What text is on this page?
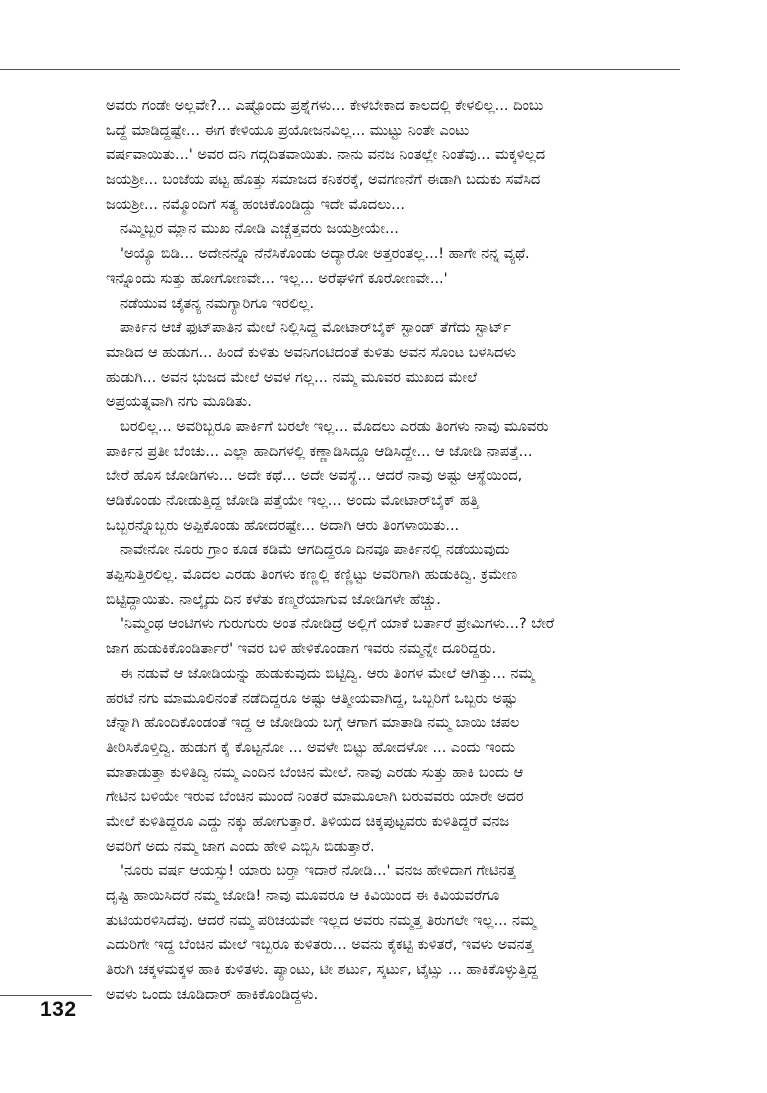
ಅವರು ಗಂಡೇ ಅಲ್ಲವೇ?... ಎಷ್ಟೊಂದು ಪ್ರಶ್ನೆಗಳು... ಕೇಳಬೇಕಾದ ಕಾಲದಲ್ಲಿ ಕೇಳಲಿಲ್ಲ... ದಿಂಬು
ಒದ್ದೆ ಮಾಡಿದ್ದಷ್ಟೇ... ಈಗ ಕೇಳಿಯೂ ಪ್ರಯೋಜನವಿಲ್ಲ... ಮುಟ್ಟು ನಿಂತೇ ಎಂಟು
ವರ್ಷವಾಯಿತು...' ಅವರ ದನಿ ಗದ್ಗದಿತವಾಯಿತು. ನಾನು ವನಜ ನಿಂತಲ್ಲೇ ನಿಂತೆವು... ಮಕ್ಕಳಿಲ್ಲದ
ಜಯಶ್ರೀ... ಬಂಜೆಯ ಪಟ್ಟ ಹೊತ್ತು ಸಮಾಜದ ಕನಿಕರಕ್ಕೆ, ಅವಗಣನೆಗೆ ಈಡಾಗಿ ಬದುಕು ಸವೆಸಿದ
ಜಯಶ್ರೀ... ನಮ್ಮೊಂದಿಗೆ ಸತ್ಯ ಹಂಚಿಕೊಂಡಿದ್ದು ಇದೇ ಮೊದಲು...
ನಮ್ಮಿಬ್ಬರ ಮ್ಲಾನ ಮುಖ ನೋಡಿ ಎಚ್ಚೆತ್ತವರು ಜಯಶ್ರೀಯೇ...
'ಅಯ್ಯೊ ಬಿಡಿ... ಅದೇನನ್ನೊ ನೆನೆಸಿಕೊಂಡು ಅದ್ಯಾರೋ ಅತ್ತರಂತಲ್ಲ...! ಹಾಗೇ ನನ್ನ ವ್ಯಥೆ.
ಇನ್ನೊಂದು ಸುತ್ತು ಹೋಗೋಣವೇ... ಇಲ್ಲ... ಅರೆಘಳಿಗೆ ಕೂರೋಣವೇ...'
ನಡೆಯುವ ಚೈತನ್ಯ ನಮಗ್ಯಾರಿಗೂ ಇರಲಿಲ್ಲ.
ಪಾರ್ಕಿನ ಆಚೆ ಫುಟ್‌ಪಾತಿನ ಮೇಲೆ ನಿಲ್ಲಿಸಿದ್ದ ಮೋಟಾರ್‌ಬೈಕ್ ಸ್ಟಾಂಡ್ ತೆಗೆದು ಸ್ಟಾರ್ಟ್
ಮಾಡಿದ ಆ ಹುಡುಗ... ಹಿಂದೆ ಕುಳಿತು ಅವನಿಗಂಟಿದಂತೆ ಕುಳಿತು ಅವನ ಸೊಂಟ ಬಳಸಿದಳು
ಹುಡುಗಿ... ಅವನ ಭುಜದ ಮೇಲೆ ಅವಳ ಗಲ್ಲ... ನಮ್ಮ ಮೂವರ ಮುಖದ ಮೇಲೆ
ಅಪ್ರಯತ್ನವಾಗಿ ನಗು ಮೂಡಿತು.
ಬರಲಿಲ್ಲ... ಅವರಿಬ್ಬರೂ ಪಾರ್ಕಿಗೆ ಬರಲೇ ಇಲ್ಲ... ಮೊದಲು ಎರಡು ತಿಂಗಳು ನಾವು ಮೂವರು
ಪಾರ್ಕಿನ ಪ್ರತೀ ಬೆಂಚು... ಎಲ್ಲಾ ಹಾದಿಗಳಲ್ಲಿ ಕಣ್ಣಾಡಿಸಿದ್ದೂ ಆಡಿಸಿದ್ದೇ... ಆ ಜೋಡಿ ನಾಪತ್ತೆ...
ಬೇರೆ ಹೊಸ ಜೋಡಿಗಳು... ಅದೇ ಕಥೆ... ಅದೇ ಅವಸ್ಥೆ... ಆದರೆ ನಾವು ಅಷ್ಟು ಆಸ್ಥೆಯಿಂದ,
ಆಡಿಕೊಂಡು ನೋಡುತ್ತಿದ್ದ ಜೋಡಿ ಪತ್ತೆಯೇ ಇಲ್ಲ... ಅಂದು ಮೋಟಾರ್‌ಬೈಕ್ ಹತ್ತಿ
ಒಬ್ಬರನ್ನೊಬ್ಬರು ಅಪ್ಪಿಕೊಂಡು ಹೋದರಷ್ಟೇ... ಅದಾಗಿ ಆರು ತಿಂಗಳಾಯಿತು...
ನಾವೇನೋ ನೂರು ಗ್ರಾಂ ಕೂಡ ಕಡಿಮೆ ಆಗದಿದ್ದರೂ ದಿನವೂ ಪಾರ್ಕಿನಲ್ಲಿ ನಡೆಯುವುದು
ತಪ್ಪಿಸುತ್ತಿರಲಿಲ್ಲ. ಮೊದಲ ಎರಡು ತಿಂಗಳು ಕಣ್ಣಲ್ಲಿ ಕಣ್ಣಿಟ್ಟು ಅವರಿಗಾಗಿ ಹುಡುಕಿದ್ವಿ. ಕ್ರಮೇಣ
ಬಿಟ್ಟಿದ್ದಾಯಿತು. ನಾಲ್ಕೈದು ದಿನ ಕಳೆತು ಕಣ್ಮರೆಯಾಗುವ ಜೋಡಿಗಳೇ ಹೆಚ್ಚು.
'ನಿಮ್ಮಂಥ ಆಂಟಿಗಳು ಗುರುಗುರು ಅಂತ ನೋಡಿದ್ರೆ ಅಲ್ಲಿಗೆ ಯಾಕೆ ಬರ್ತಾರೆ ಪ್ರೇಮಿಗಳು...? ಬೇರೆ
ಜಾಗ ಹುಡುಕಿಕೊಂಡಿರ್ತಾರೆ' ಇವರ ಬಳಿ ಹೇಳಿಕೊಂಡಾಗ ಇವರು ನಮ್ಮನ್ನೇ ದೂರಿದ್ದರು.
ಈ ನಡುವೆ ಆ ಜೋಡಿಯನ್ನು ಹುಡುಕುವುದು ಬಿಟ್ಟಿದ್ವಿ. ಆರು ತಿಂಗಳ ಮೇಲೆ ಆಗಿತ್ತು... ನಮ್ಮ
ಹರಟೆ ನಗು ಮಾಮೂಲಿನಂತೆ ನಡೆದಿದ್ದರೂ ಅಷ್ಟು ಆತ್ಮೀಯವಾಗಿದ್ದ, ಒಬ್ಬರಿಗೆ ಒಬ್ಬರು ಅಷ್ಟು
ಚೆನ್ನಾಗಿ ಹೊಂದಿಕೊಂಡಂತೆ ಇದ್ದ ಆ ಜೋಡಿಯ ಬಗ್ಗೆ ಆಗಾಗ ಮಾತಾಡಿ ನಮ್ಮ ಬಾಯಿ ಚಪಲ
ತೀರಿಸಿಕೊಳ್ತಿದ್ವಿ. ಹುಡುಗ ಕೈ ಕೊಟ್ಟನೋ ... ಅವಳೇ ಬಿಟ್ಟು ಹೋದಳೋ ... ಎಂದು ಇಂದು
ಮಾತಾಡುತ್ತಾ ಕುಳಿತಿದ್ವಿ ನಮ್ಮ ಎಂದಿನ ಬೆಂಚಿನ ಮೇಲೆ. ನಾವು ಎರಡು ಸುತ್ತು ಹಾಕಿ ಬಂದು ಆ
ಗೇಟಿನ ಬಳಿಯೇ ಇರುವ ಬೆಂಚಿನ ಮುಂದೆ ನಿಂತರೆ ಮಾಮೂಲಾಗಿ ಬರುವವರು ಯಾರೇ ಅದರ
ಮೇಲೆ ಕುಳಿತಿದ್ದರೂ ಎದ್ದು ನಕ್ಕು ಹೋಗುತ್ತಾರೆ. ತಿಳಿಯದ ಚಿಕ್ಕಪುಟ್ಟವರು ಕುಳಿತಿದ್ದರೆ ವನಜ
ಅವರಿಗೆ ಅದು ನಮ್ಮ ಜಾಗ ಎಂದು ಹೇಳಿ ಎಬ್ಬಿಸಿ ಬಿಡುತ್ತಾರೆ.
'ನೂರು ವರ್ಷ ಆಯಸ್ಸು! ಯಾರು ಬರ್‍ತಾ ಇದಾರೆ ನೋಡಿ...' ವನಜ ಹೇಳಿದಾಗ ಗೇಟಿನತ್ತ
ದೃಷ್ಟಿ ಹಾಯಿಸಿದರೆ ನಮ್ಮ ಜೋಡಿ! ನಾವು ಮೂವರೂ ಆ ಕಿವಿಯಿಂದ ಈ ಕಿವಿಯವರೆಗೂ
ತುಟಿಯರಳಿಸಿದೆವು. ಆದರೆ ನಮ್ಮ ಪರಿಚಯವೇ ಇಲ್ಲದ ಅವರು ನಮ್ಮತ್ತ ತಿರುಗಲೇ ಇಲ್ಲ... ನಮ್ಮ
ಎದುರಿಗೇ ಇದ್ದ ಬೆಂಚಿನ ಮೇಲೆ ಇಬ್ಬರೂ ಕುಳಿತರು... ಅವನು ಕೈಕಟ್ಟಿ ಕುಳಿತರೆ, ಇವಳು ಅವನತ್ತ
ತಿರುಗಿ ಚಕ್ಕಳಮಕ್ಕಳ ಹಾಕಿ ಕುಳಿತಳು. ಪ್ಯಾಂಟು, ಟೀ ಶರ್ಟು, ಸ್ಕರ್ಟು, ಟೈಟ್ಸು ... ಹಾಕಿಕೊಳ್ಳುತ್ತಿದ್ದ
ಅವಳು ಒಂದು ಚೂಡಿದಾರ್ ಹಾಕಿಕೊಂಡಿದ್ದಳು.
132
